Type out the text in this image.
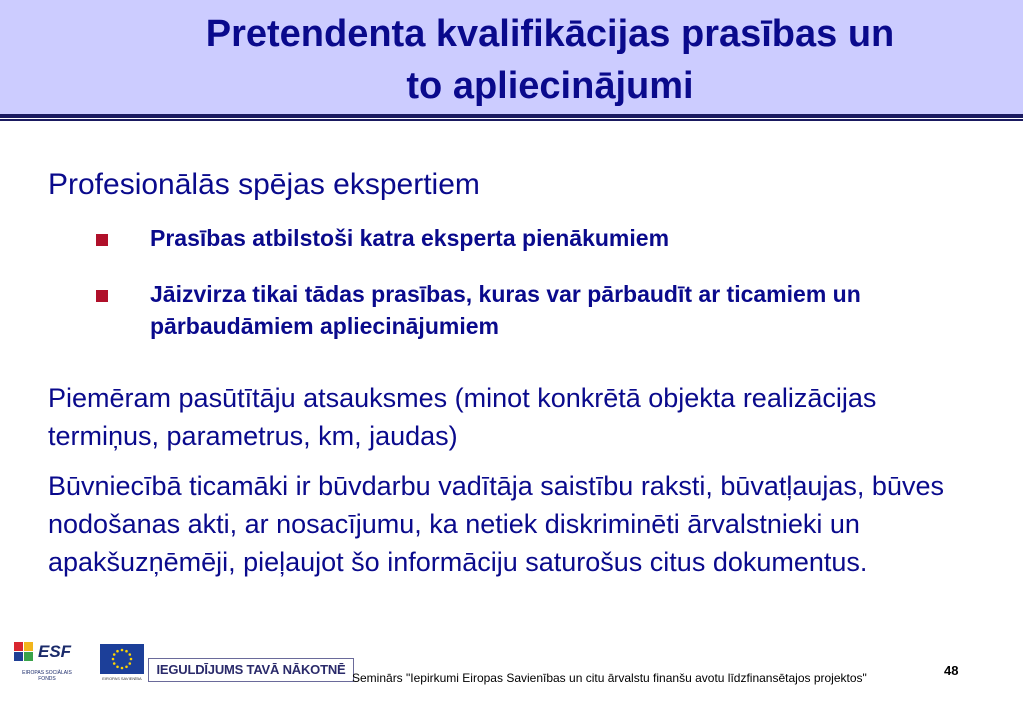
Pretendenta kvalifikācijas prasības un
to apliecinājumi
Profesionālās spējas ekspertiem
Prasības atbilstoši katra eksperta pienākumiem
Jāizvirza tikai tādas prasības, kuras var pārbaudīt ar ticamiem un pārbaudāmiem apliecinājumiem

Piemēram pasūtītāju atsauksmes (minot konkrētā objekta realizācijas termiņus, parametrus, km, jaudas)

Būvniecībā ticamāki ir būvdarbu vadītāja saistību raksti, būvatļaujas, būves nodošanas akti, ar nosacījumu, ka netiek diskriminēti ārvalstnieki un apakšuzņēmēji, pieļaujot šo informāciju saturošus citus dokumentus.

ESF
EIROPAS SOCIĀLAIS FONDS	EIROPAS SAVIENĪBA
IEGULDĪJUMS TAVĀ NĀKOTNĒ
Seminārs "Iepirkumi Eiropas Savienības un citu ārvalstu finanšu avotu līdzfinansētajos projektos"	48
